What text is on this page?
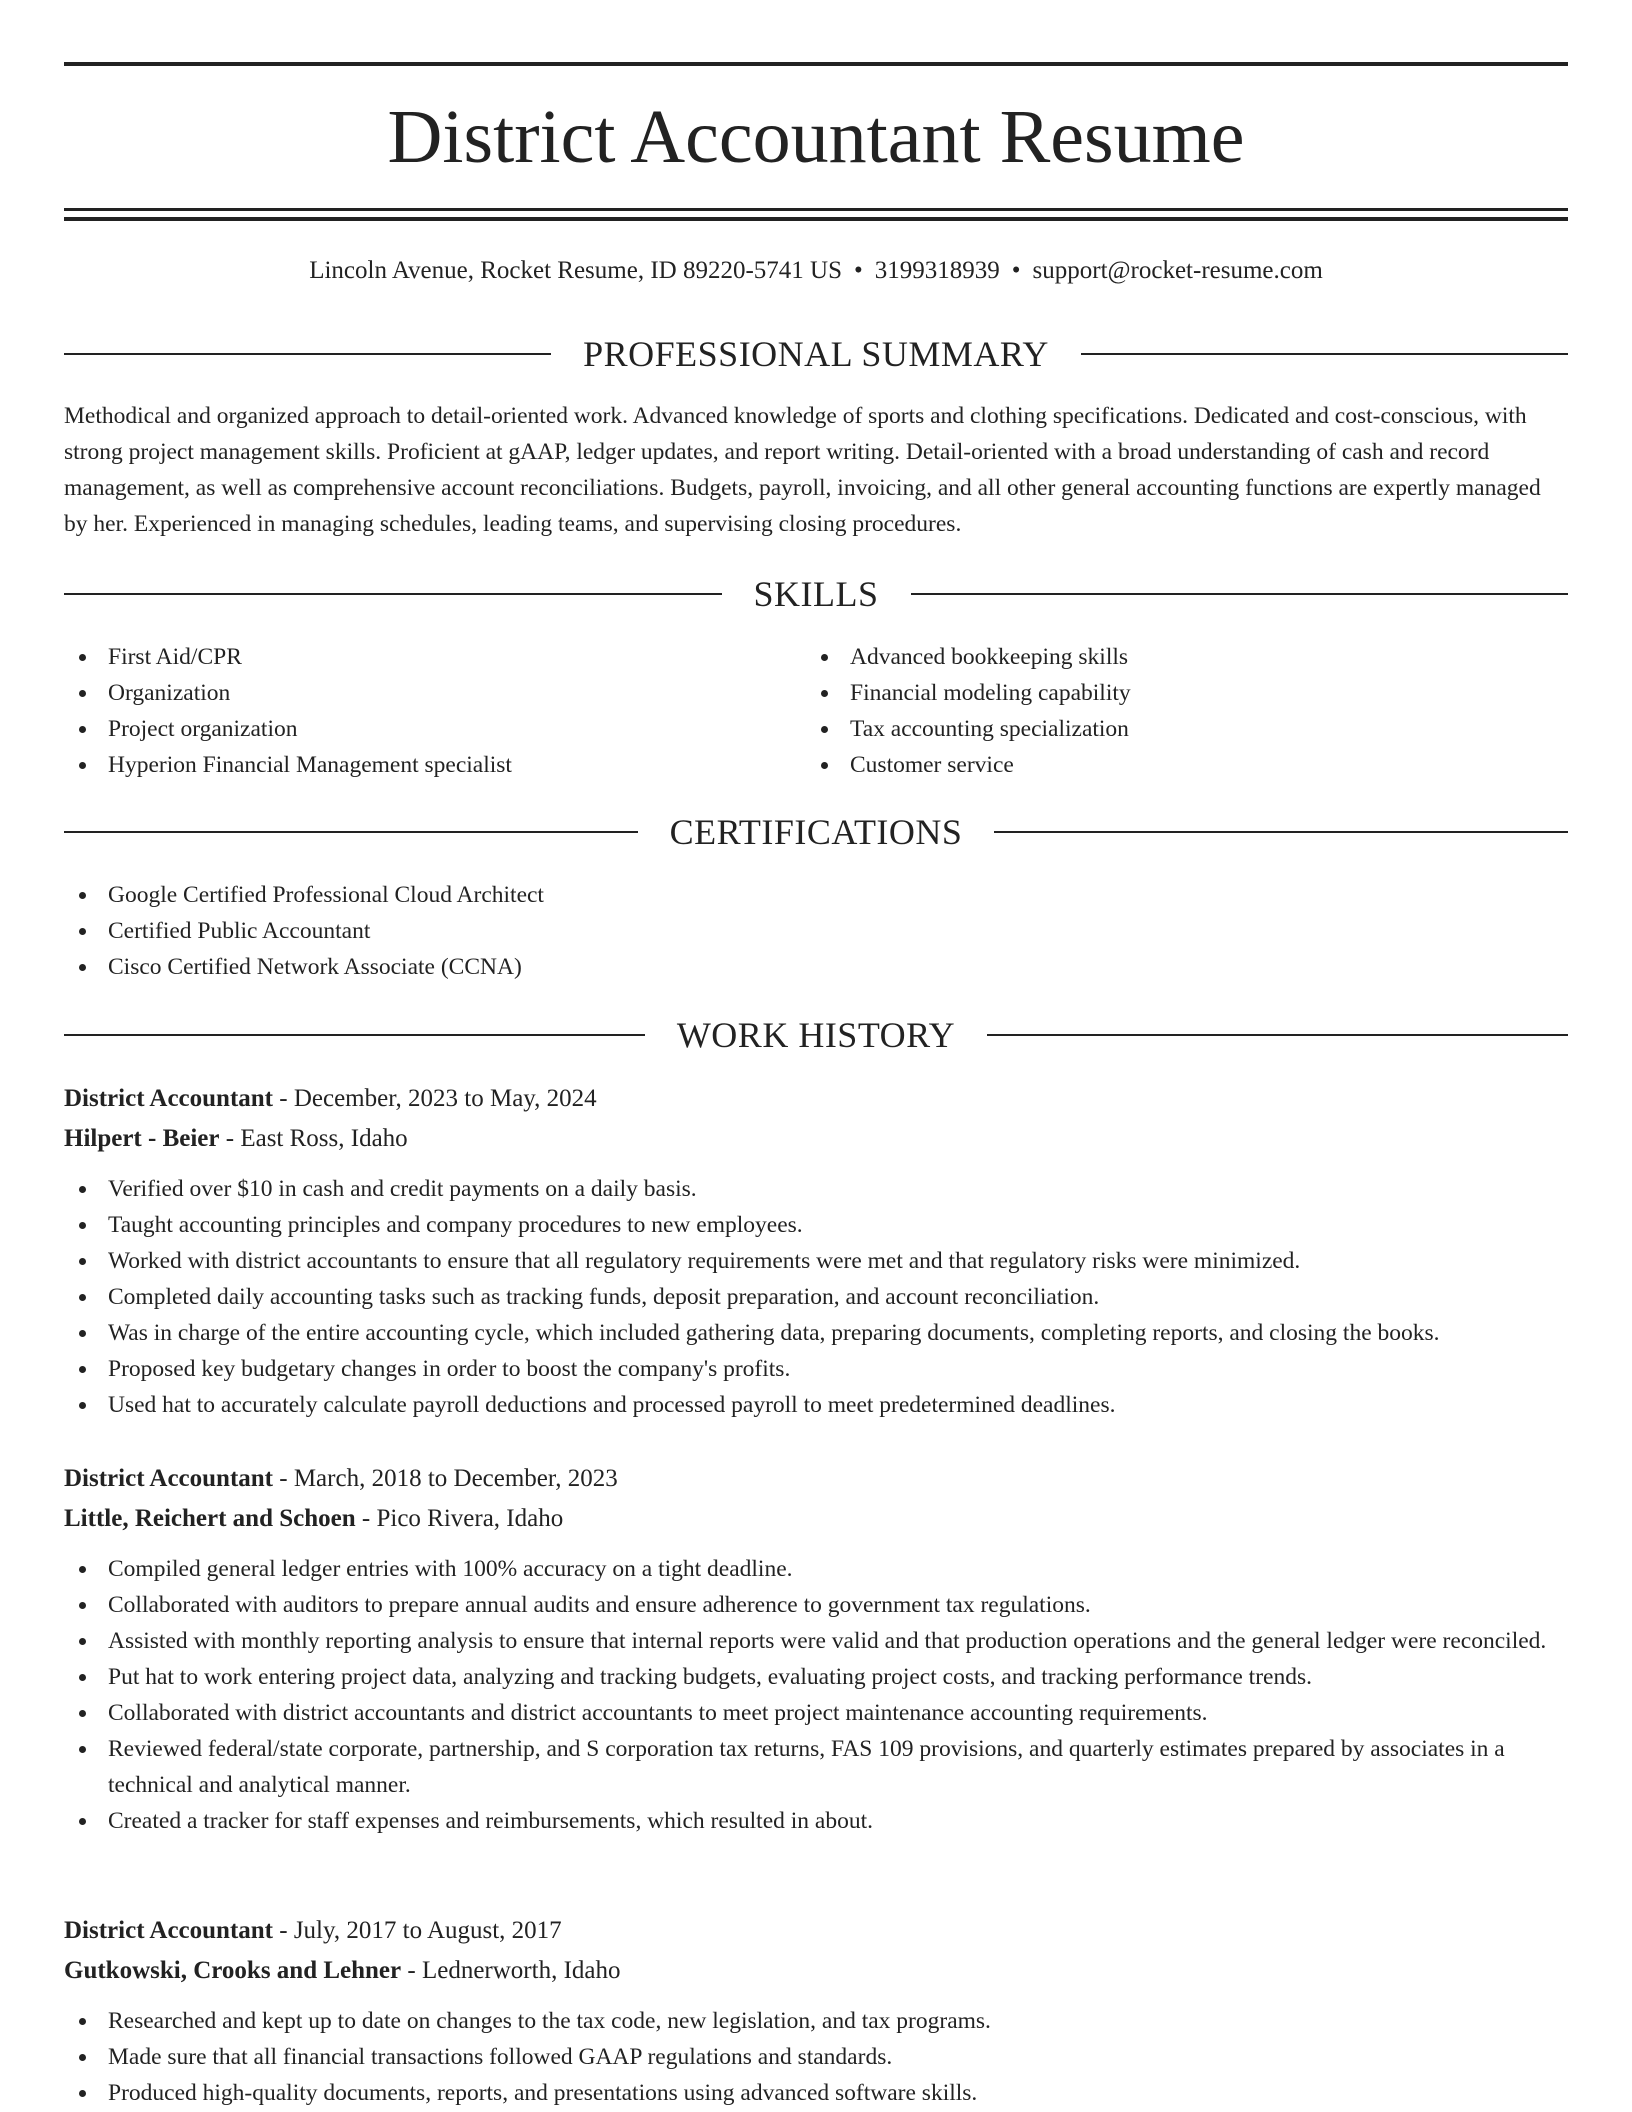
District Accountant Resume
Lincoln Avenue, Rocket Resume, ID 89220-5741 US • 3199318939 • support@rocket-resume.com
PROFESSIONAL SUMMARY

Methodical and organized approach to detail-oriented work. Advanced knowledge of sports and clothing specifications. Dedicated and cost-conscious, with strong project management skills. Proficient at gAAP, ledger updates, and report writing. Detail-oriented with a broad understanding of cash and record management, as well as comprehensive account reconciliations. Budgets, payroll, invoicing, and all other general accounting functions are expertly managed by her. Experienced in managing schedules, leading teams, and supervising closing procedures.

SKILLS
First Aid/CPR
Organization
Project organization
Hyperion Financial Management specialist
Advanced bookkeeping skills
Financial modeling capability
Tax accounting specialization
Customer service
CERTIFICATIONS
Google Certified Professional Cloud Architect
Certified Public Accountant
Cisco Certified Network Associate (CCNA)
WORK HISTORY
District Accountant - December, 2023 to May, 2024
Hilpert - Beier - East Ross, Idaho
Verified over $10 in cash and credit payments on a daily basis.
Taught accounting principles and company procedures to new employees.
Worked with district accountants to ensure that all regulatory requirements were met and that regulatory risks were minimized.
Completed daily accounting tasks such as tracking funds, deposit preparation, and account reconciliation.
Was in charge of the entire accounting cycle, which included gathering data, preparing documents, completing reports, and closing the books.
Proposed key budgetary changes in order to boost the company's profits.
Used hat to accurately calculate payroll deductions and processed payroll to meet predetermined deadlines.
District Accountant - March, 2018 to December, 2023
Little, Reichert and Schoen - Pico Rivera, Idaho
Compiled general ledger entries with 100% accuracy on a tight deadline.
Collaborated with auditors to prepare annual audits and ensure adherence to government tax regulations.
Assisted with monthly reporting analysis to ensure that internal reports were valid and that production operations and the general ledger were reconciled.
Put hat to work entering project data, analyzing and tracking budgets, evaluating project costs, and tracking performance trends.
Collaborated with district accountants and district accountants to meet project maintenance accounting requirements.
Reviewed federal/state corporate, partnership, and S corporation tax returns, FAS 109 provisions, and quarterly estimates prepared by associates in a technical and analytical manner.
Created a tracker for staff expenses and reimbursements, which resulted in about.
District Accountant - July, 2017 to August, 2017
Gutkowski, Crooks and Lehner - Lednerworth, Idaho
Researched and kept up to date on changes to the tax code, new legislation, and tax programs.
Made sure that all financial transactions followed GAAP regulations and standards.
Produced high-quality documents, reports, and presentations using advanced software skills.
